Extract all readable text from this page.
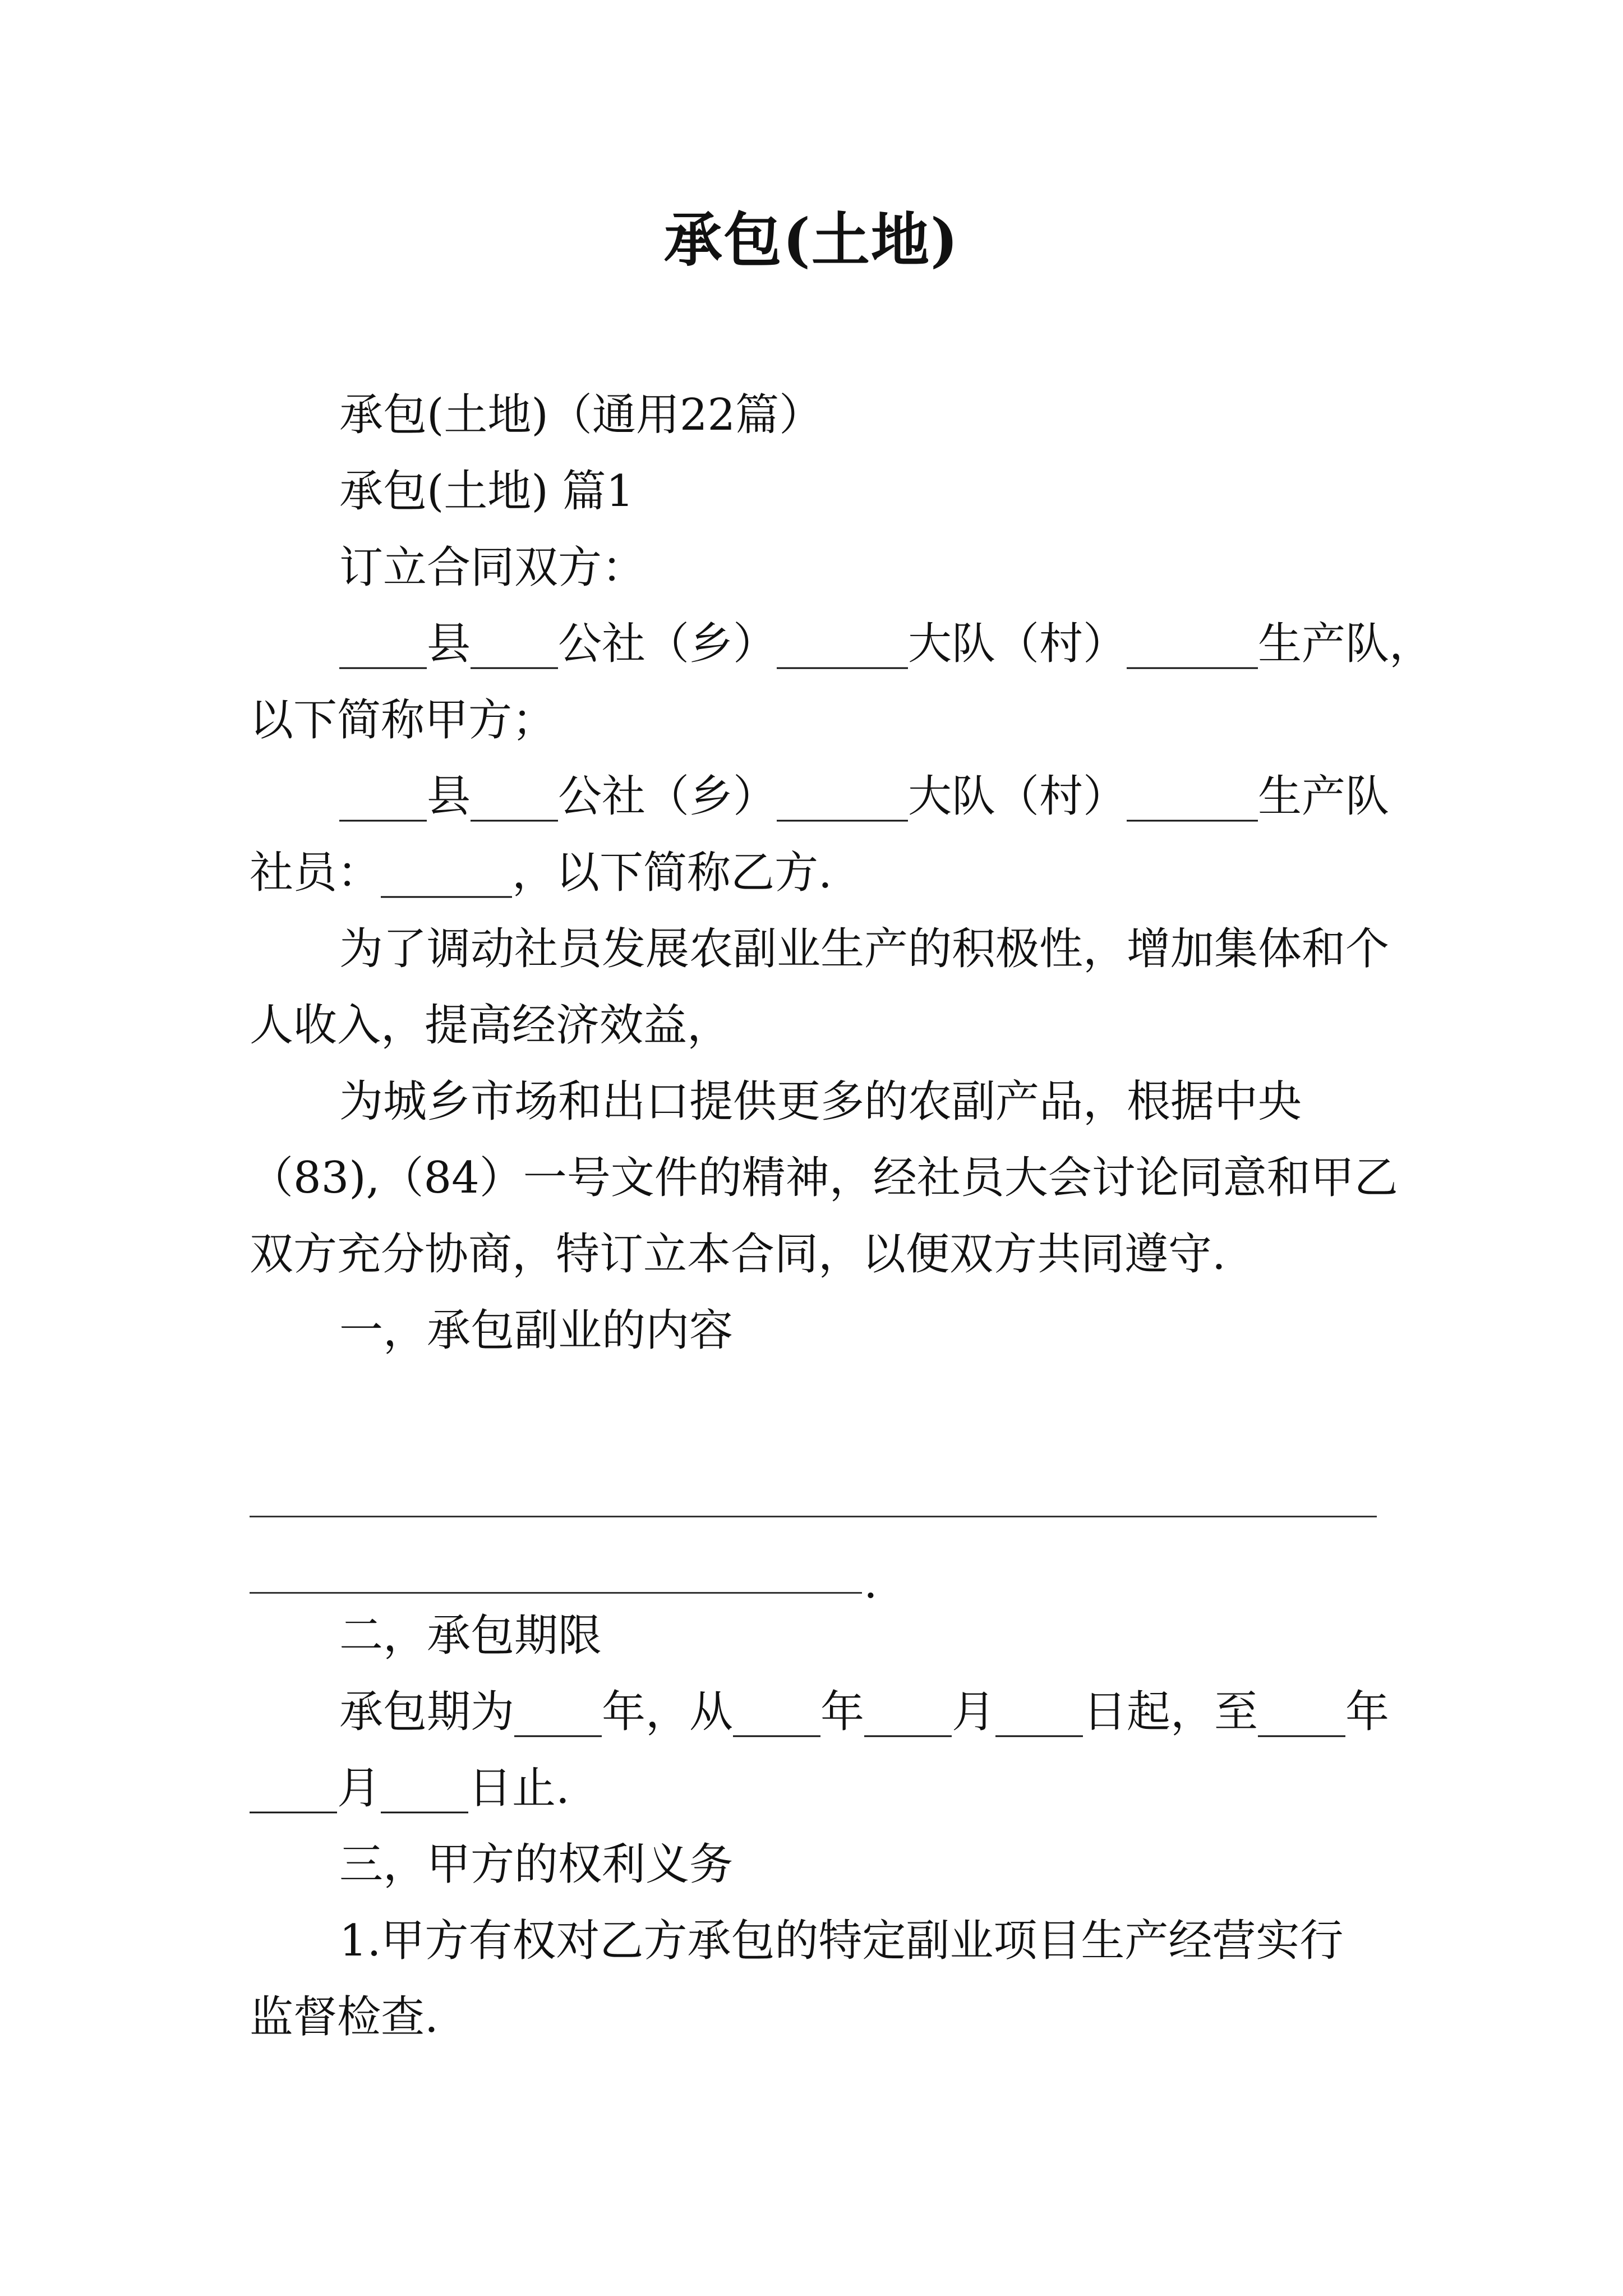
承包(土地)

承包(土地)（通用22篇）

承包(土地) 篇1

订立合同双方：

____县____公社（乡）______大队（村）______生产队，

以下简称甲方；

____县____公社（乡）______大队（村）______生产队

社员：______，以下简称乙方.

为了调动社员发展农副业生产的积极性，增加集体和个

人收入，提高经济效益，

为城乡市场和出口提供更多的农副产品，根据中央

（83),（84）一号文件的精神，经社员大会讨论同意和甲乙

双方充分协商，特订立本合同，以便双方共同遵守.

一，承包副业的内容

二，承包期限

承包期为____年，从____年____月____日起，至____年

____月____日止.

三，甲方的权利义务

1.甲方有权对乙方承包的特定副业项目生产经营实行

监督检查.

.
